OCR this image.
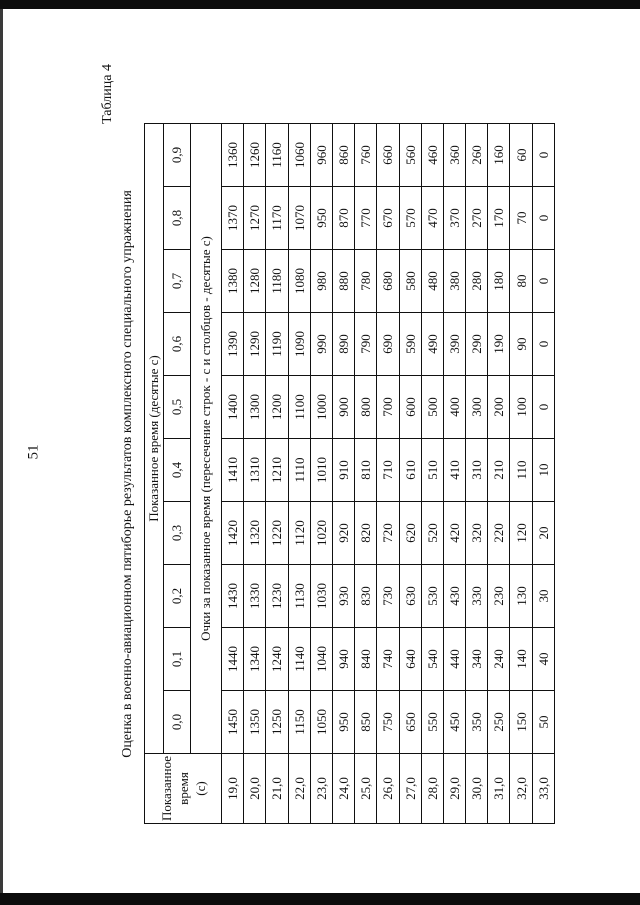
51
Таблица 4
Оценка в военно-авиационном пятиборье результатов комплексного специального упражнения
Показанное время (с)	Показанное время (десятые с)									
	0,0	0,1	0,2	0,3	0,4	0,5	0,6	0,7	0,8	0,9
	Очки за показанное время (пересечение строк - с и столбцов - десятые с)									
19,0	1450	1440	1430	1420	1410	1400	1390	1380	1370	1360
20,0	1350	1340	1330	1320	1310	1300	1290	1280	1270	1260
21,0	1250	1240	1230	1220	1210	1200	1190	1180	1170	1160
22,0	1150	1140	1130	1120	1110	1100	1090	1080	1070	1060
23,0	1050	1040	1030	1020	1010	1000	990	980	950	960
24,0	950	940	930	920	910	900	890	880	870	860
25,0	850	840	830	820	810	800	790	780	770	760
26,0	750	740	730	720	710	700	690	680	670	660
27,0	650	640	630	620	610	600	590	580	570	560
28,0	550	540	530	520	510	500	490	480	470	460
29,0	450	440	430	420	410	400	390	380	370	360
30,0	350	340	330	320	310	300	290	280	270	260
31,0	250	240	230	220	210	200	190	180	170	160
32,0	150	140	130	120	110	100	90	80	70	60
33,0	50	40	30	20	10	0	0	0	0	0
